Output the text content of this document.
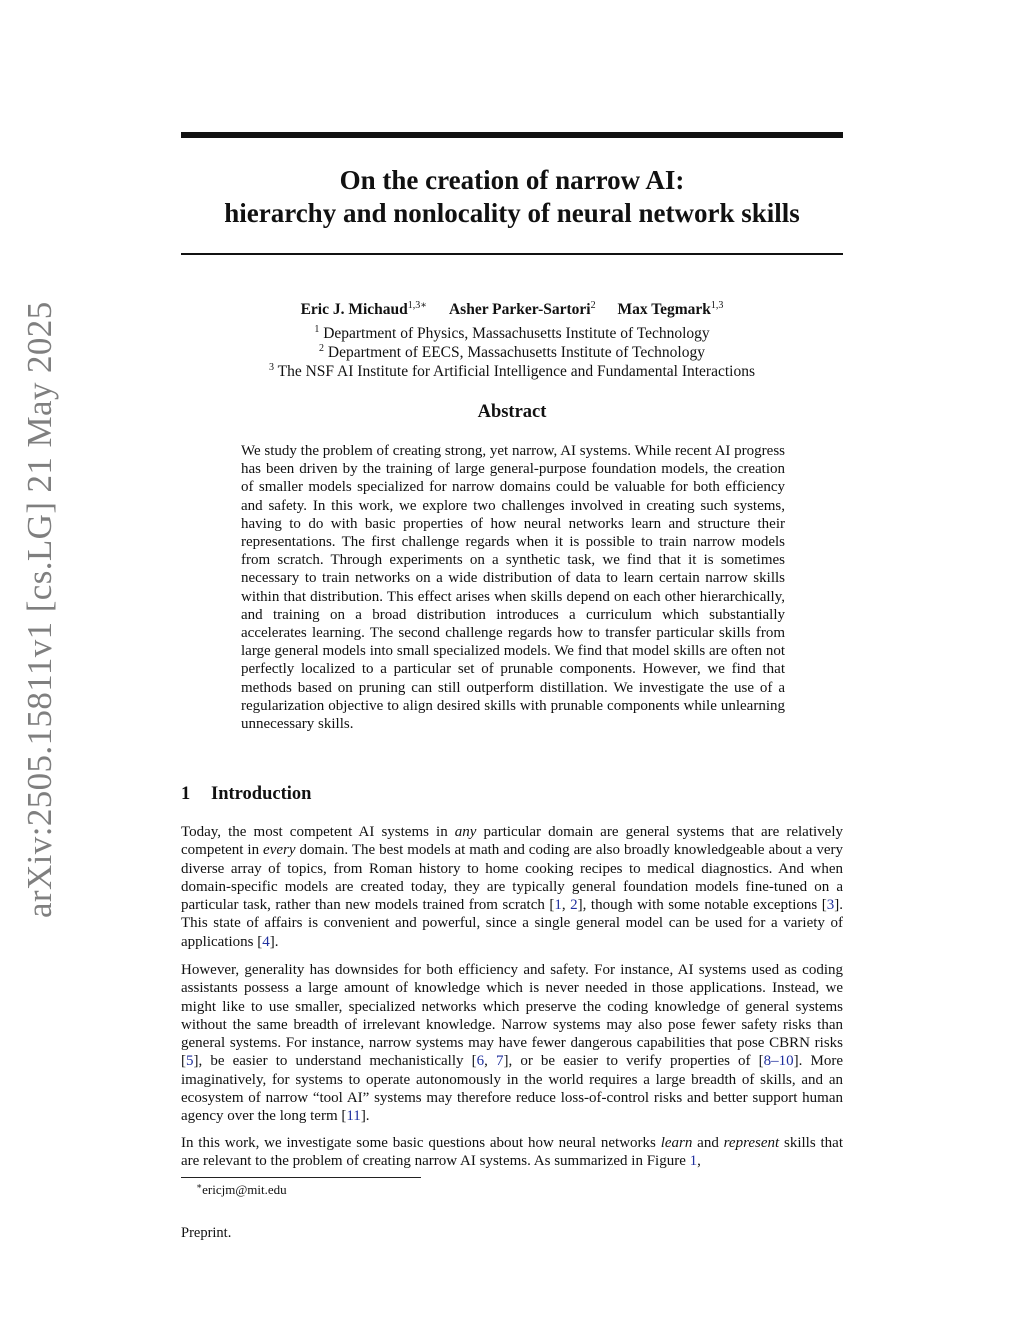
arXiv:2505.15811v1 [cs.LG] 21 May 2025
On the creation of narrow AI:
hierarchy and nonlocality of neural network skills
Eric J. Michaud$^{1,3∗}$ Asher Parker-Sartori$^2$ Max Tegmark$^{1,3}$
$^1$ Department of Physics, Massachusetts Institute of Technology
$^2$ Department of EECS, Massachusetts Institute of Technology
$^3$ The NSF AI Institute for Artificial Intelligence and Fundamental Interactions
Abstract
We study the problem of creating strong, yet narrow, AI systems. While recent AI progress has been driven by the training of large general-purpose foundation models, the creation of smaller models specialized for narrow domains could be valuable for both efficiency and safety. In this work, we explore two challenges involved in creating such systems, having to do with basic properties of how neural networks learn and structure their representations. The first challenge regards when it is possible to train narrow models from scratch. Through experiments on a synthetic task, we find that it is sometimes necessary to train networks on a wide distribution of data to learn certain narrow skills within that distribution. This effect arises when skills depend on each other hierarchically, and training on a broad distribution introduces a curriculum which substantially accelerates learning. The second challenge regards how to transfer particular skills from large general models into small specialized models. We find that model skills are often not perfectly localized to a particular set of prunable components. However, we find that methods based on pruning can still outperform distillation. We investigate the use of a regularization objective to align desired skills with prunable components while unlearning unnecessary skills.
1 Introduction
Today, the most competent AI systems in any particular domain are general systems that are relatively competent in every domain. The best models at math and coding are also broadly knowledgeable about a very diverse array of topics, from Roman history to home cooking recipes to medical diagnostics. And when domain-specific models are created today, they are typically general foundation models fine-tuned on a particular task, rather than new models trained from scratch [1, 2], though with some notable exceptions [3]. This state of affairs is convenient and powerful, since a single general model can be used for a variety of applications [4].
However, generality has downsides for both efficiency and safety. For instance, AI systems used as coding assistants possess a large amount of knowledge which is never needed in those applications. Instead, we might like to use smaller, specialized networks which preserve the coding knowledge of general systems without the same breadth of irrelevant knowledge. Narrow systems may also pose fewer safety risks than general systems. For instance, narrow systems may have fewer dangerous capabilities that pose CBRN risks [5], be easier to understand mechanistically [6, 7], or be easier to verify properties of [8–10]. More imaginatively, for systems to operate autonomously in the world requires a large breadth of skills, and an ecosystem of narrow “tool AI” systems may therefore reduce loss-of-control risks and better support human agency over the long term [11].
In this work, we investigate some basic questions about how neural networks learn and represent skills that are relevant to the problem of creating narrow AI systems. As summarized in Figure 1,
∗ericjm@mit.edu
Preprint.
